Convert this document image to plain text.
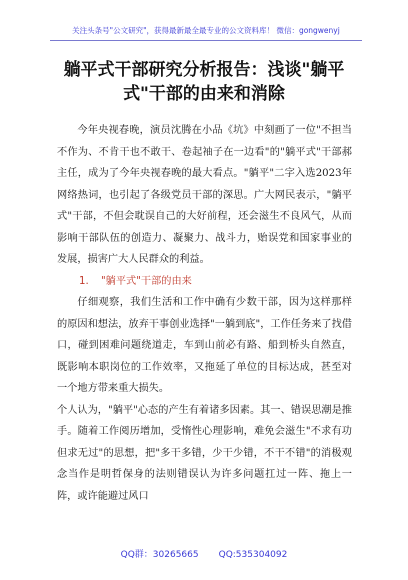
关注头条号"公文研究"，获得最新最全最专业的公文资料库！ 微信：gongwenyj
躺平式干部研究分析报告：浅谈"躺平式"干部的由来和消除

今年央视春晚，演员沈腾在小品《坑》中刻画了一位"不担当不作为、不肯干也不敢干、卷起袖子在一边看"的"躺平式"干部郝主任，成为了今年央视春晚的最大看点。"躺平"二字入选2023年网络热词，也引起了各级党员干部的深思。广大网民表示，"躺平式"干部，不但会耽误自己的大好前程，还会滋生不良风气，从而影响干部队伍的创造力、凝聚力、战斗力，贻误党和国家事业的发展，损害广大人民群众的利益。

1. "躺平式"干部的由来

仔细观察，我们生活和工作中确有少数干部，因为这样那样的原因和想法，放弃干事创业选择"一躺到底"，工作任务来了找借口，碰到困难问题绕道走，车到山前必有路、船到桥头自然直，既影响本职岗位的工作效率，又拖延了单位的目标达成，甚至对一个地方带来重大损失。

个人认为，"躺平"心态的产生有着诸多因素。其一、错误思潮是推手。随着工作阅历增加，受惰性心理影响，难免会滋生"不求有功但求无过"的思想，把"多干多错，少干少错，不干不错"的消极观念当作是明哲保身的法则错误认为许多问题扛过一阵、拖上一阵，或许能避过风口

QQ群：30265665 QQ:535304092
